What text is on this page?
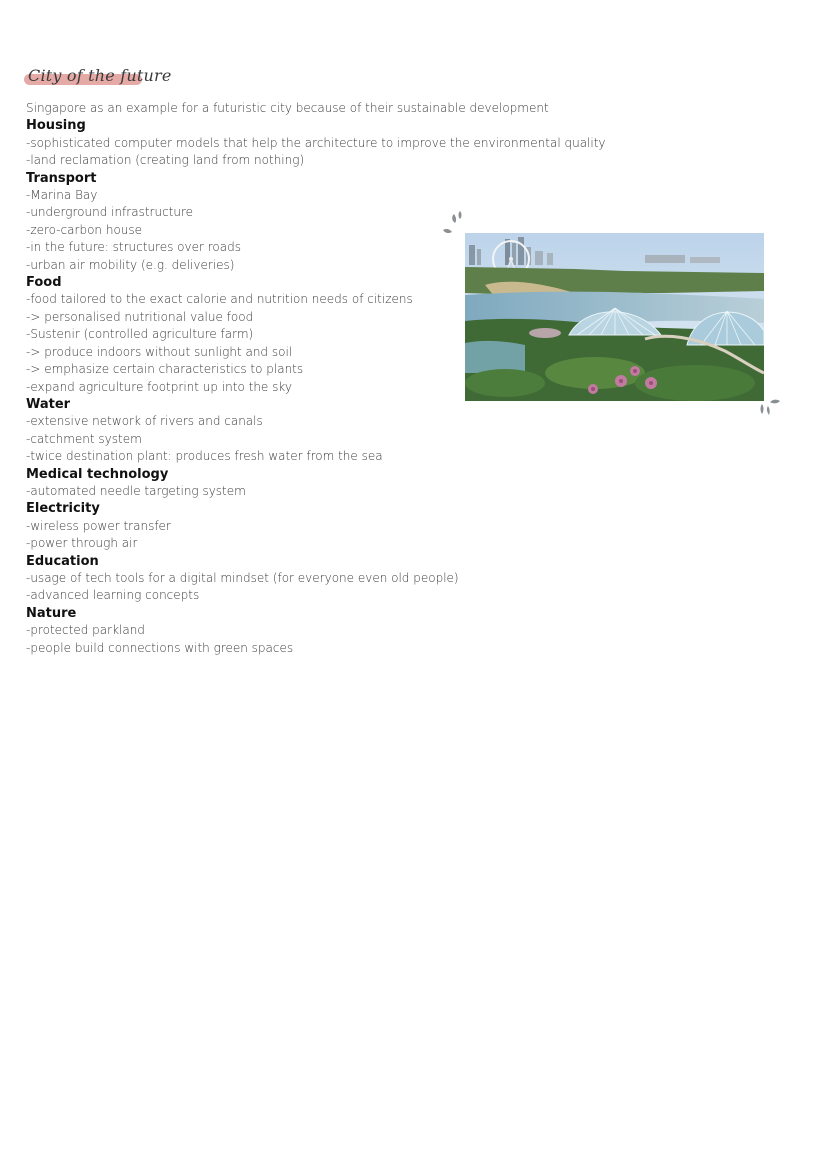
City of the future
Singapore as an example for a futuristic city because of their sustainable development
Housing
-sophisticated computer models that help the architecture to improve the environmental quality
-land reclamation (creating land from nothing)
Transport
-Marina Bay
-underground infrastructure
-zero-carbon house
-in the future: structures over roads
-urban air mobility (e.g. deliveries)
Food
-food tailored to the exact calorie and nutrition needs of citizens
-> personalised nutritional value food
-Sustenir (controlled agriculture farm)
-> produce indoors without sunlight and soil
-> emphasize certain characteristics to plants
-expand agriculture footprint up into the sky
Water
-extensive network of rivers and canals
-catchment system
-twice destination plant: produces fresh water from the sea
Medical technology
-automated needle targeting system
Electricity
-wireless power transfer
-power through air
Education
-usage of tech tools for a digital mindset (for everyone even old people)
-advanced learning concepts
Nature
-protected parkland
-people build connections with green spaces
